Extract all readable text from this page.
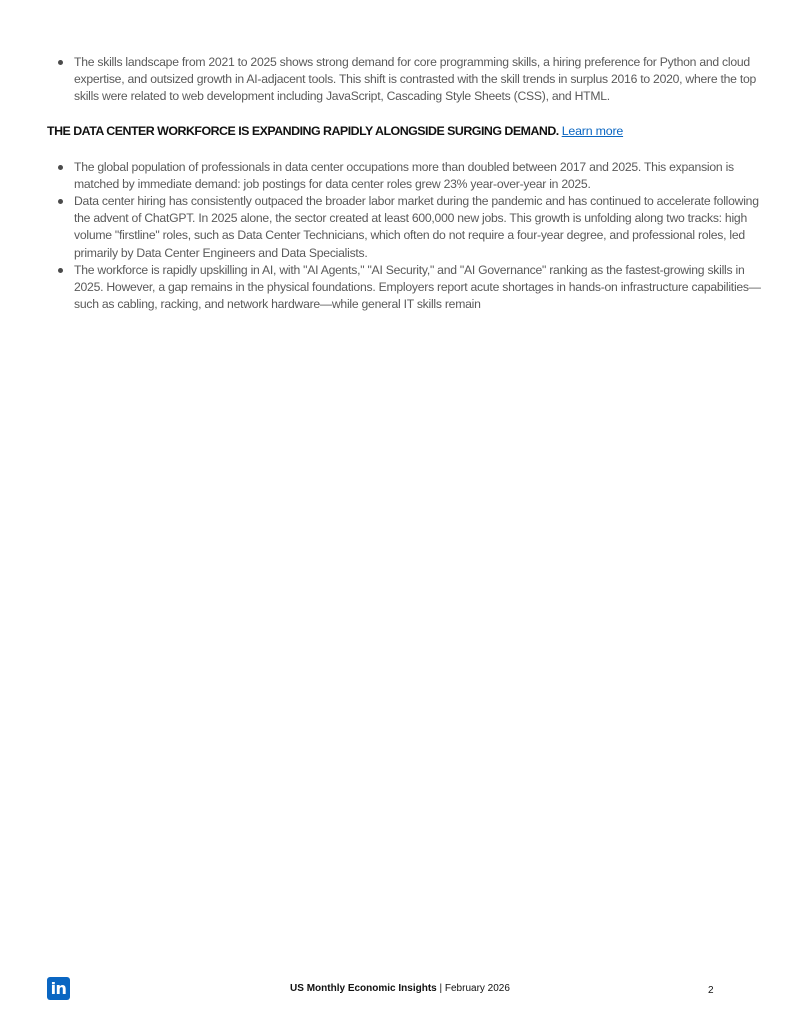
The skills landscape from 2021 to 2025 shows strong demand for core programming skills, a hiring preference for Python and cloud expertise, and outsized growth in AI-adjacent tools. This shift is contrasted with the skill trends in surplus 2016 to 2020, where the top skills were related to web development including JavaScript, Cascading Style Sheets (CSS), and HTML.
THE DATA CENTER WORKFORCE IS EXPANDING RAPIDLY ALONGSIDE SURGING DEMAND. Learn more
The global population of professionals in data center occupations more than doubled between 2017 and 2025. This expansion is matched by immediate demand: job postings for data center roles grew 23% year-over-year in 2025.
Data center hiring has consistently outpaced the broader labor market during the pandemic and has continued to accelerate following the advent of ChatGPT. In 2025 alone, the sector created at least 600,000 new jobs. This growth is unfolding along two tracks: high volume "firstline" roles, such as Data Center Technicians, which often do not require a four-year degree, and professional roles, led primarily by Data Center Engineers and Data Specialists.
The workforce is rapidly upskilling in AI, with "AI Agents," "AI Security," and "AI Governance" ranking as the fastest-growing skills in 2025. However, a gap remains in the physical foundations. Employers report acute shortages in hands-on infrastructure capabilities—such as cabling, racking, and network hardware—while general IT skills remain
in	US Monthly Economic Insights | February 2026	2
